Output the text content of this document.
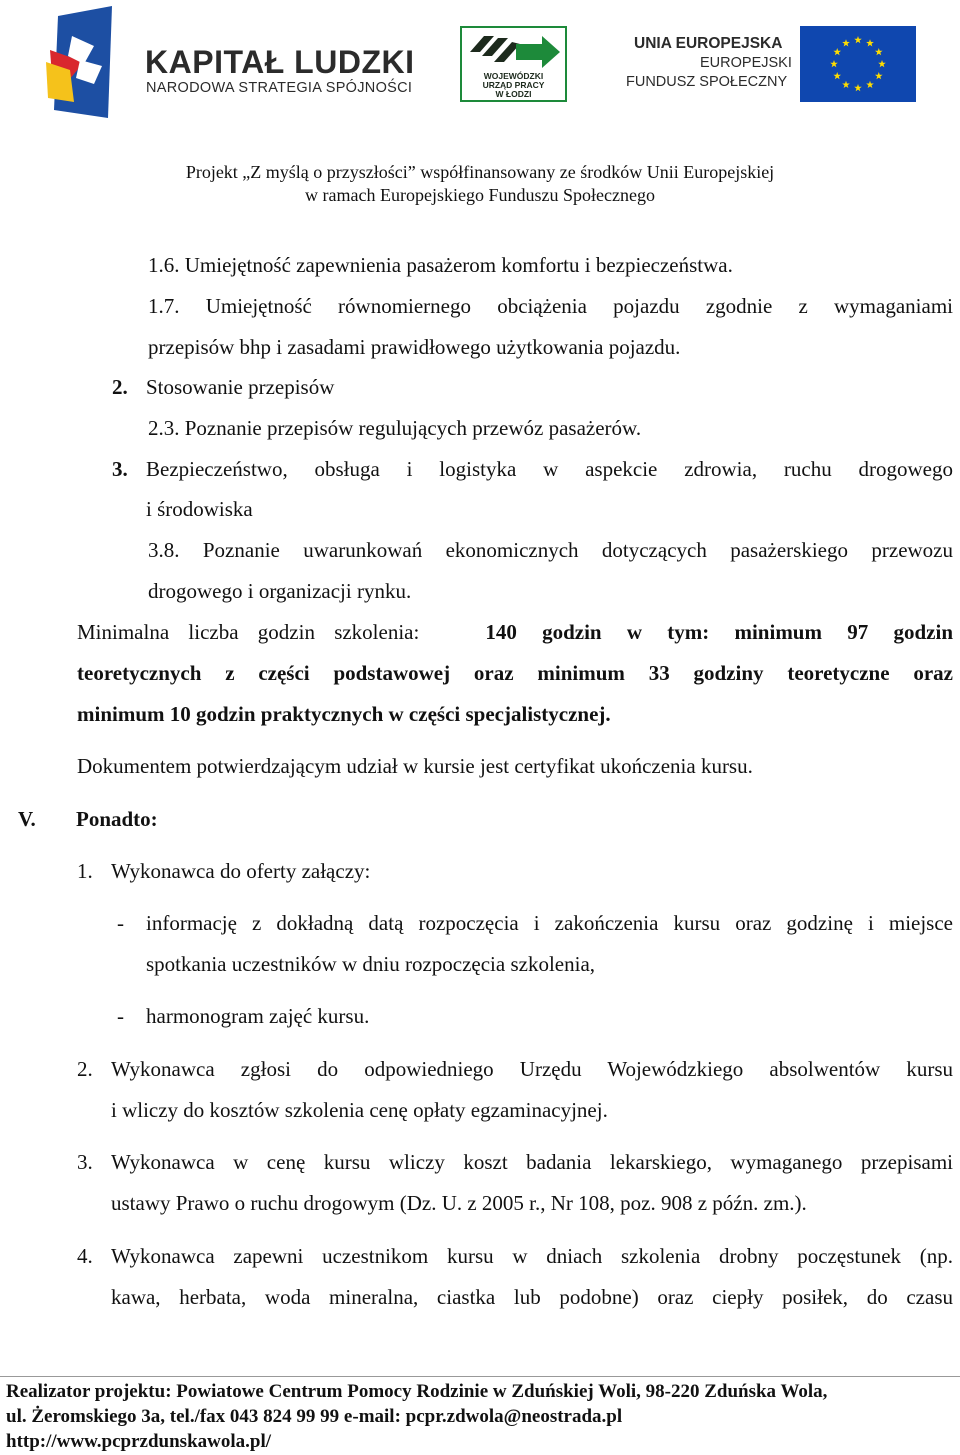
KAPITAŁ LUDZKI
NARODOWA STRATEGIA SPÓJNOŚCI
WOJEWÓDZKI
URZĄD PRACY
W ŁODZI
UNIA EUROPEJSKA
EUROPEJSKI
FUNDUSZ SPOŁECZNY
Projekt „Z myślą o przyszłości” współfinansowany ze środków Unii Europejskiej
w ramach Europejskiego Funduszu Społecznego
1.6. Umiejętność zapewnienia pasażerom komfortu i bezpieczeństwa.
1.7. Umiejętność równomiernego obciążenia pojazdu zgodnie z wymaganiami
przepisów bhp i zasadami prawidłowego użytkowania pojazdu.
2. Stosowanie przepisów
2.3. Poznanie przepisów regulujących przewóz pasażerów.
3. Bezpieczeństwo, obsługa i logistyka w aspekcie zdrowia, ruchu drogowego
i środowiska
3.8. Poznanie uwarunkowań ekonomicznych dotyczących pasażerskiego przewozu
drogowego i organizacji rynku.
Minimalna liczba godzin szkolenia:	140 godzin w tym: minimum 97 godzin
teoretycznych z części podstawowej oraz minimum 33 godziny teoretyczne oraz
minimum 10 godzin praktycznych w części specjalistycznej.
Dokumentem potwierdzającym udział w kursie jest certyfikat ukończenia kursu.
V. Ponadto:
1. Wykonawca do oferty załączy:
- informację z dokładną datą rozpoczęcia i zakończenia kursu oraz godzinę i miejsce
spotkania uczestników w dniu rozpoczęcia szkolenia,
- harmonogram zajęć kursu.
2. Wykonawca zgłosi do odpowiedniego Urzędu Wojewódzkiego absolwentów kursu
i wliczy do kosztów szkolenia cenę opłaty egzaminacyjnej.
3. Wykonawca w cenę kursu wliczy koszt badania lekarskiego, wymaganego przepisami
ustawy Prawo o ruchu drogowym (Dz. U. z 2005 r., Nr 108, poz. 908 z późn. zm.).
4. Wykonawca zapewni uczestnikom kursu w dniach szkolenia drobny poczęstunek (np.
kawa, herbata, woda mineralna, ciastka lub podobne) oraz ciepły posiłek, do czasu
Realizator projektu: Powiatowe Centrum Pomocy Rodzinie w Zduńskiej Woli, 98-220 Zduńska Wola,
ul. Żeromskiego 3a, tel./fax 043 824 99 99 e-mail: pcpr.zdwola@neostrada.pl
http://www.pcprzdunskawola.pl/
